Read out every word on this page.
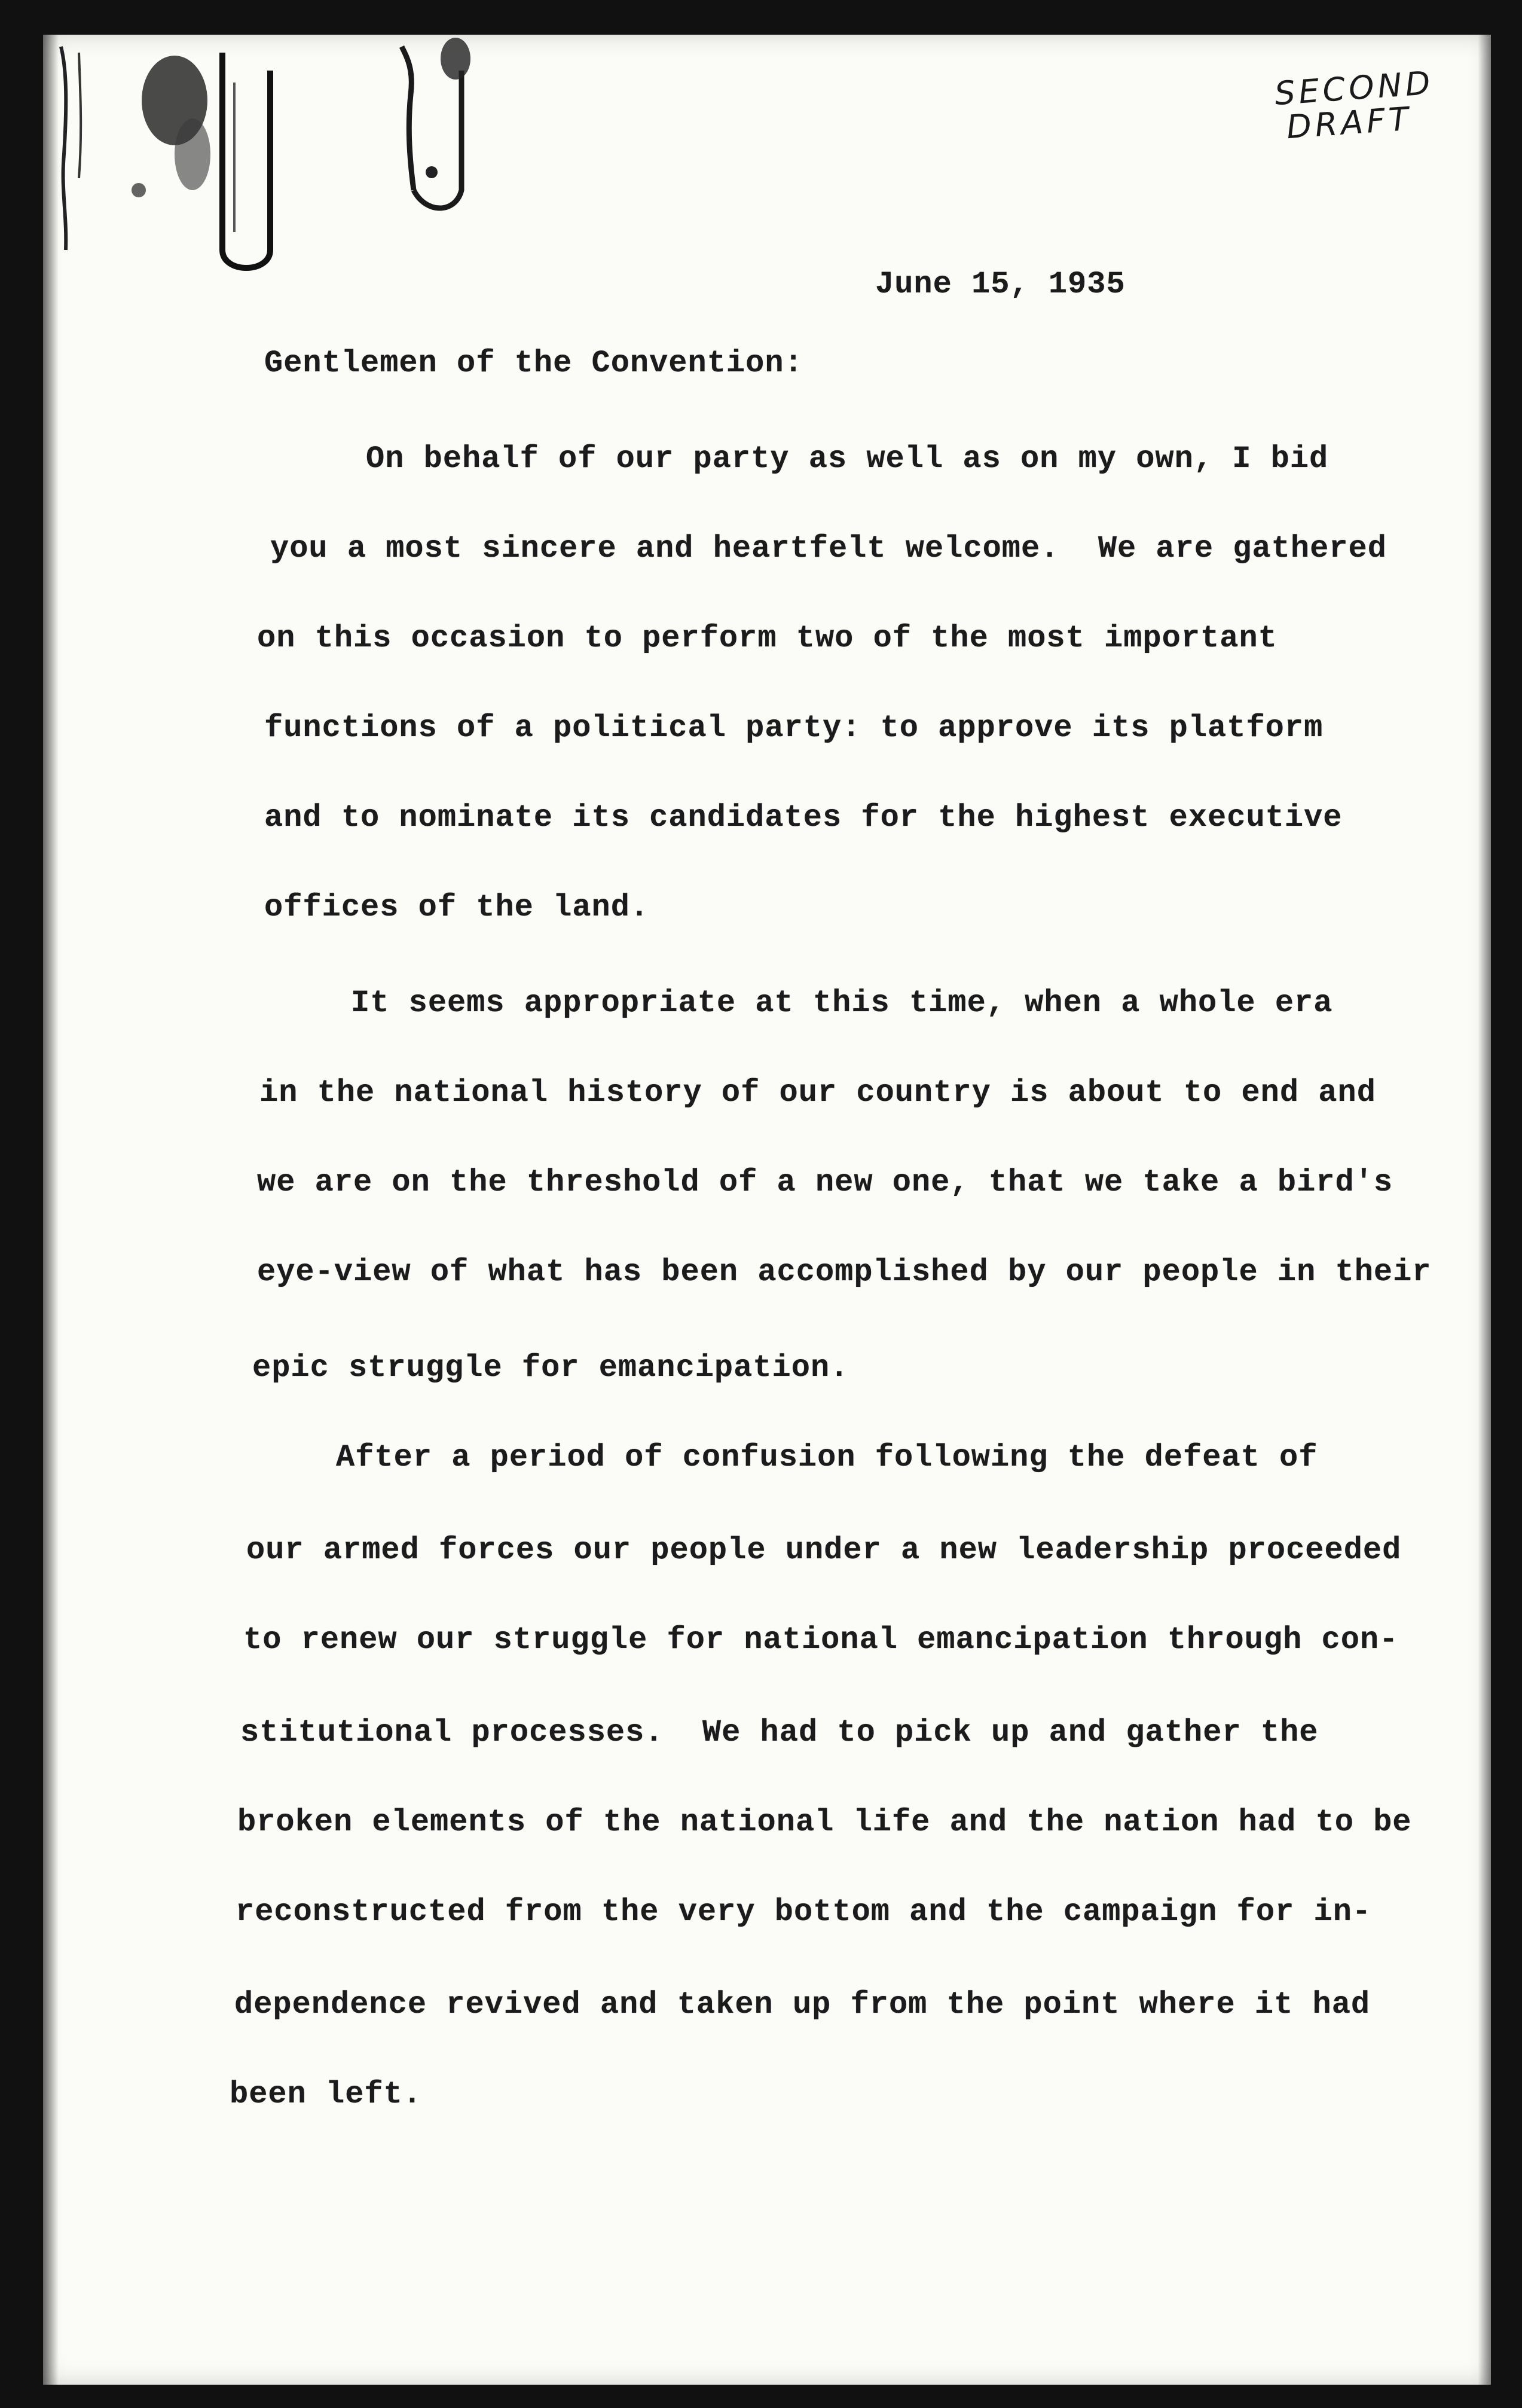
SECOND
DRAFT
June 15, 1935
Gentlemen of the Convention:
On behalf of our party as well as on my own, I bid
you a most sincere and heartfelt welcome.  We are gathered
on this occasion to perform two of the most important
functions of a political party: to approve its platform
and to nominate its candidates for the highest executive
offices of the land.
It seems appropriate at this time, when a whole era
in the national history of our country is about to end and
we are on the threshold of a new one, that we take a bird's
eye-view of what has been accomplished by our people in their
epic struggle for emancipation.
After a period of confusion following the defeat of
our armed forces our people under a new leadership proceeded
to renew our struggle for national emancipation through con-
stitutional processes.  We had to pick up and gather the
broken elements of the national life and the nation had to be
reconstructed from the very bottom and the campaign for in-
dependence revived and taken up from the point where it had
been left.
